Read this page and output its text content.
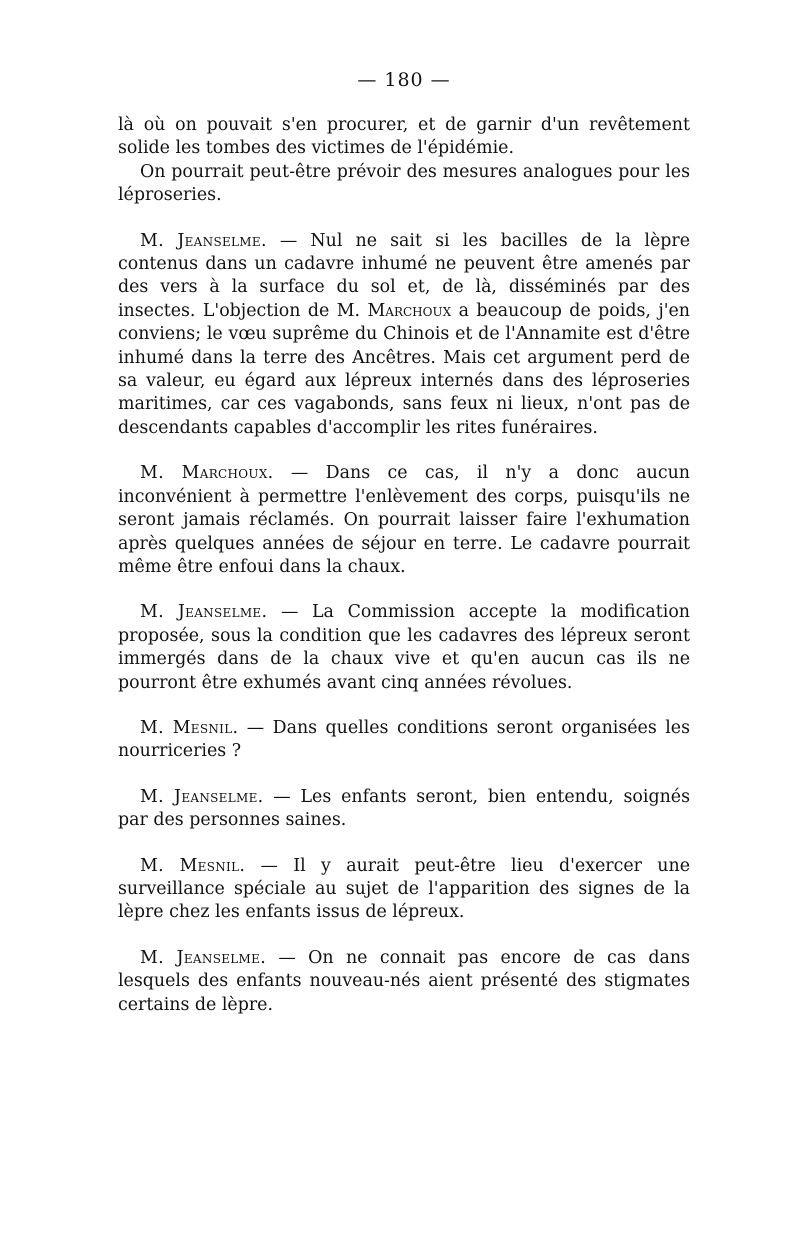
— 180 —

là où on pouvait s'en procurer, et de garnir d'un revêtement solide les tombes des victimes de l'épidémie.

On pourrait peut-être prévoir des mesures analogues pour les léproseries.

M. Jeanselme. — Nul ne sait si les bacilles de la lèpre contenus dans un cadavre inhumé ne peuvent être amenés par des vers à la surface du sol et, de là, disséminés par des insectes. L'objection de M. Marchoux a beaucoup de poids, j'en conviens; le vœu suprême du Chinois et de l'Annamite est d'être inhumé dans la terre des Ancêtres. Mais cet argument perd de sa valeur, eu égard aux lépreux internés dans des léproseries maritimes, car ces vagabonds, sans feux ni lieux, n'ont pas de descendants capables d'accomplir les rites funéraires.

M. Marchoux. — Dans ce cas, il n'y a donc aucun inconvénient à permettre l'enlèvement des corps, puisqu'ils ne seront jamais réclamés. On pourrait laisser faire l'exhumation après quelques années de séjour en terre. Le cadavre pourrait même être enfoui dans la chaux.

M. Jeanselme. — La Commission accepte la modification proposée, sous la condition que les cadavres des lépreux seront immergés dans de la chaux vive et qu'en aucun cas ils ne pourront être exhumés avant cinq années révolues.

M. Mesnil. — Dans quelles conditions seront organisées les nourriceries ?

M. Jeanselme. — Les enfants seront, bien entendu, soignés par des personnes saines.

M. Mesnil. — Il y aurait peut-être lieu d'exercer une surveillance spéciale au sujet de l'apparition des signes de la lèpre chez les enfants issus de lépreux.

M. Jeanselme. — On ne connait pas encore de cas dans lesquels des enfants nouveau-nés aient présenté des stigmates certains de lèpre.
